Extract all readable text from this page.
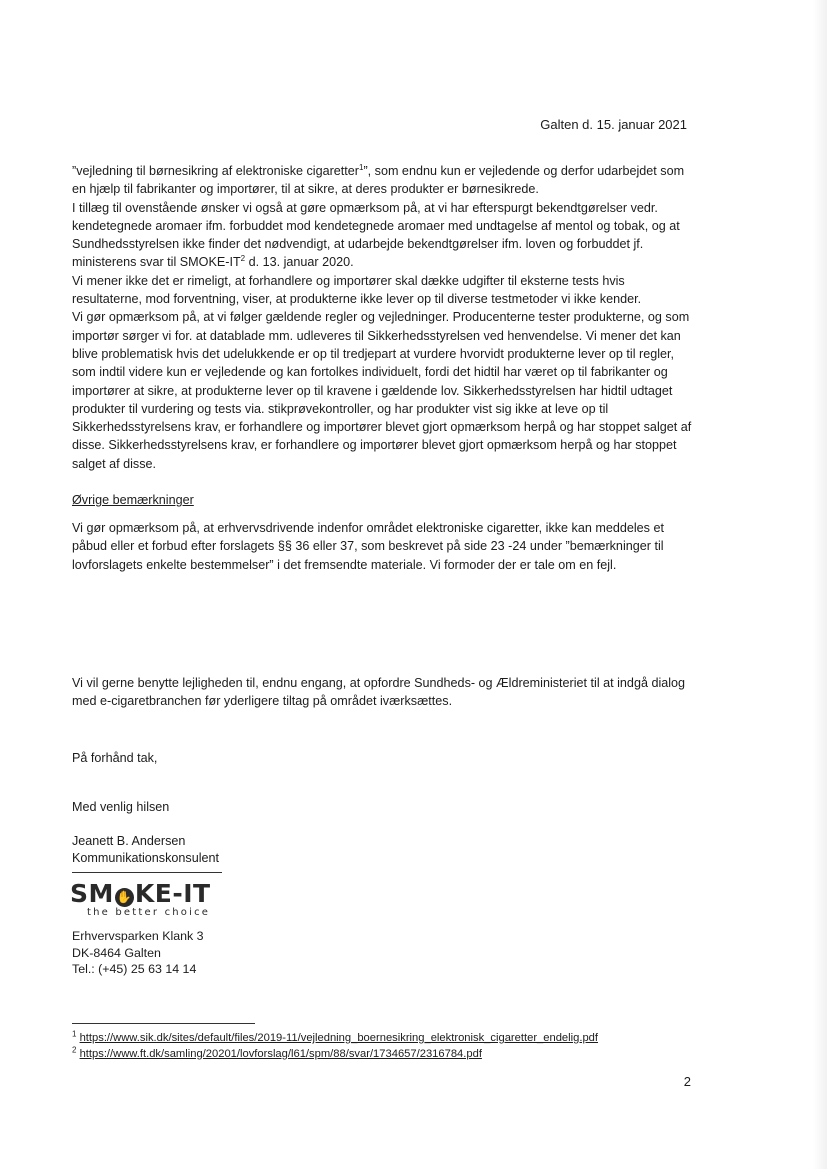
Galten d. 15. januar 2021

”vejledning til børnesikring af elektroniske cigaretter$^1$”, som endnu kun er vejledende og derfor udarbejdet som en hjælp til fabrikanter og importører, til at sikre, at deres produkter er børnesikrede.

I tillæg til ovenstående ønsker vi også at gøre opmærksom på, at vi har efterspurgt bekendtgørelser vedr. kendetegnede aromaer ifm. forbuddet mod kendetegnede aromaer med undtagelse af mentol og tobak, og at Sundhedsstyrelsen ikke finder det nødvendigt, at udarbejde bekendtgørelser ifm. loven og forbuddet jf. ministerens svar til SMOKE-$IT^2$ d. 13. januar 2020.

Vi mener ikke det er rimeligt, at forhandlere og importører skal dække udgifter til eksterne tests hvis resultaterne, mod forventning, viser, at produkterne ikke lever op til diverse testmetoder vi ikke kender.

Vi gør opmærksom på, at vi følger gældende regler og vejledninger. Producenterne tester produkterne, og som importør sørger vi for. at datablade mm. udleveres til Sikkerhedsstyrelsen ved henvendelse. Vi mener det kan blive problematisk hvis det udelukkende er op til tredjepart at vurdere hvorvidt produkterne lever op til regler, som indtil videre kun er vejledende og kan fortolkes individuelt, fordi det hidtil har været op til fabrikanter og importører at sikre, at produkterne lever op til kravene i gældende lov. Sikkerhedsstyrelsen har hidtil udtaget produkter til vurdering og tests via. stikprøvekontroller, og har produkter vist sig ikke at leve op til Sikkerhedsstyrelsens krav, er forhandlere og importører blevet gjort opmærksom herpå og har stoppet salget af disse. Sikkerhedsstyrelsens krav, er forhandlere og importører blevet gjort opmærksom herpå og har stoppet salget af disse.

Øvrige bemærkninger

Vi gør opmærksom på, at erhvervsdrivende indenfor området elektroniske cigaretter, ikke kan meddeles et påbud eller et forbud efter forslagets §§ 36 eller 37, som beskrevet på side 23 -24 under ”bemærkninger til lovforslagets enkelte bestemmelser” i det fremsendte materiale. Vi formoder der er tale om en fejl.

Vi vil gerne benytte lejligheden til, endnu engang, at opfordre Sundheds- og Ældreministeriet til at indgå dialog med e-cigaretbranchen før yderligere tiltag på området iværksættes.

På forhånd tak,
Med venlig hilsen
Jeanett B. Andersen
Kommunikationskonsulent
SM ✋ KE-IT
the better choice
Erhvervsparken Klank 3
DK-8464 Galten
Tel.: (+45) 25 63 14 14
$^1$ https://www.sik.dk/sites/default/files/2019-11/vejledning_boernesikring_elektronisk_cigaretter_endelig.pdf
$^2$ https://www.ft.dk/samling/20201/lovforslag/l61/spm/88/svar/1734657/2316784.pdf
2
